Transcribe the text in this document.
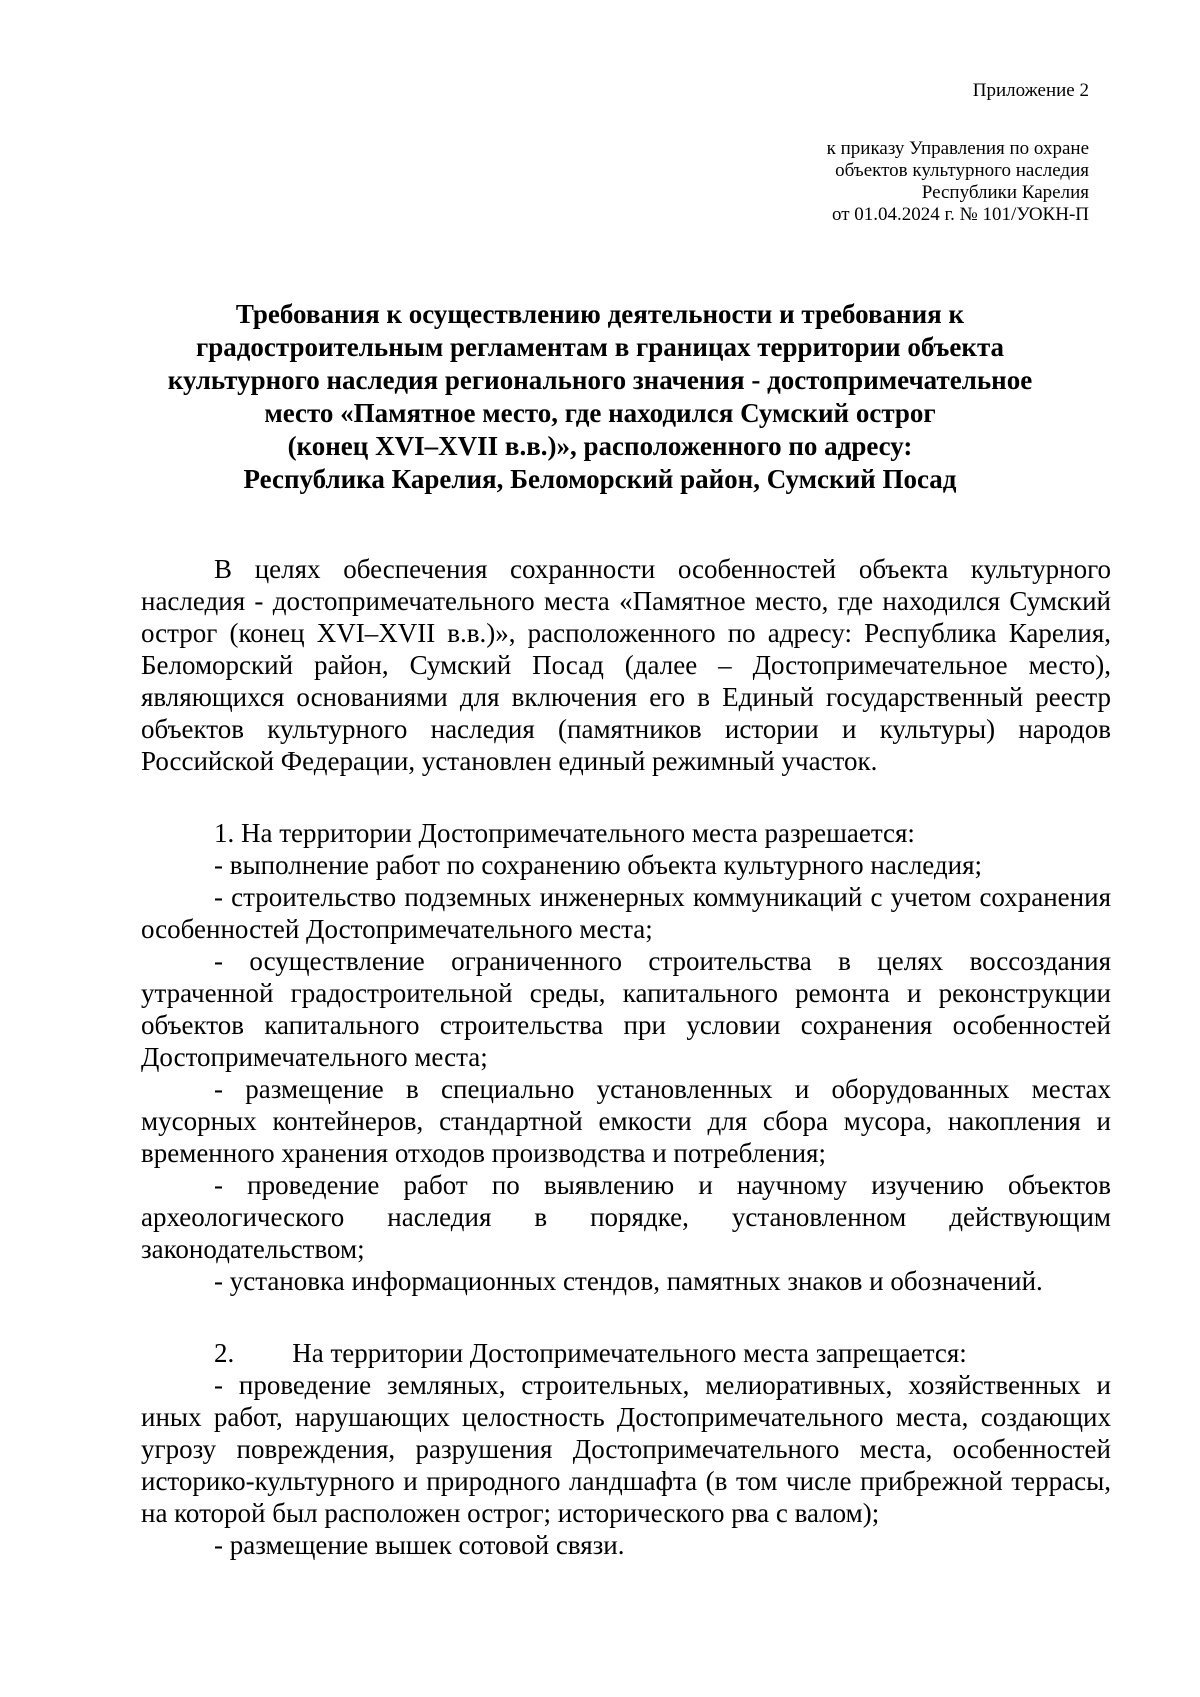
Приложение 2
к приказу Управления по охране
объектов культурного наследия
Республики Карелия
от 01.04.2024 г. № 101/УОКН-П
Требования к осуществлению деятельности и требования к
градостроительным регламентам в границах территории объекта
культурного наследия регионального значения - достопримечательное
место «Памятное место, где находился Сумский острог
(конец XVI–XVII в.в.)», расположенного по адресу:
Республика Карелия, Беломорский район, Сумский Посад

В целях обеспечения сохранности особенностей объекта культурного наследия - достопримечательного места «Памятное место, где находился Сумский острог (конец XVI–XVII в.в.)», расположенного по адресу: Республика Карелия, Беломорский район, Сумский Посад (далее – Достопримечательное место), являющихся основаниями для включения его в Единый государственный реестр объектов культурного наследия (памятников истории и культуры) народов Российской Федерации, установлен единый режимный участок.

1. На территории Достопримечательного места разрешается:

- выполнение работ по сохранению объекта культурного наследия;

- строительство подземных инженерных коммуникаций с учетом сохранения особенностей Достопримечательного места;

- осуществление ограниченного строительства в целях воссоздания утраченной градостроительной среды, капитального ремонта и реконструкции объектов капитального строительства при условии сохранения особенностей Достопримечательного места;

- размещение в специально установленных и оборудованных местах мусорных контейнеров, стандартной емкости для сбора мусора, накопления и временного хранения отходов производства и потребления;

- проведение работ по выявлению и научному изучению объектов археологического наследия в порядке, установленном действующим законодательством;

- установка информационных стендов, памятных знаков и обозначений.

2. На территории Достопримечательного места запрещается:

- проведение земляных, строительных, мелиоративных, хозяйственных и иных работ, нарушающих целостность Достопримечательного места, создающих угрозу повреждения, разрушения Достопримечательного места, особенностей историко-культурного и природного ландшафта (в том числе прибрежной террасы, на которой был расположен острог; исторического рва с валом);

- размещение вышек сотовой связи.
